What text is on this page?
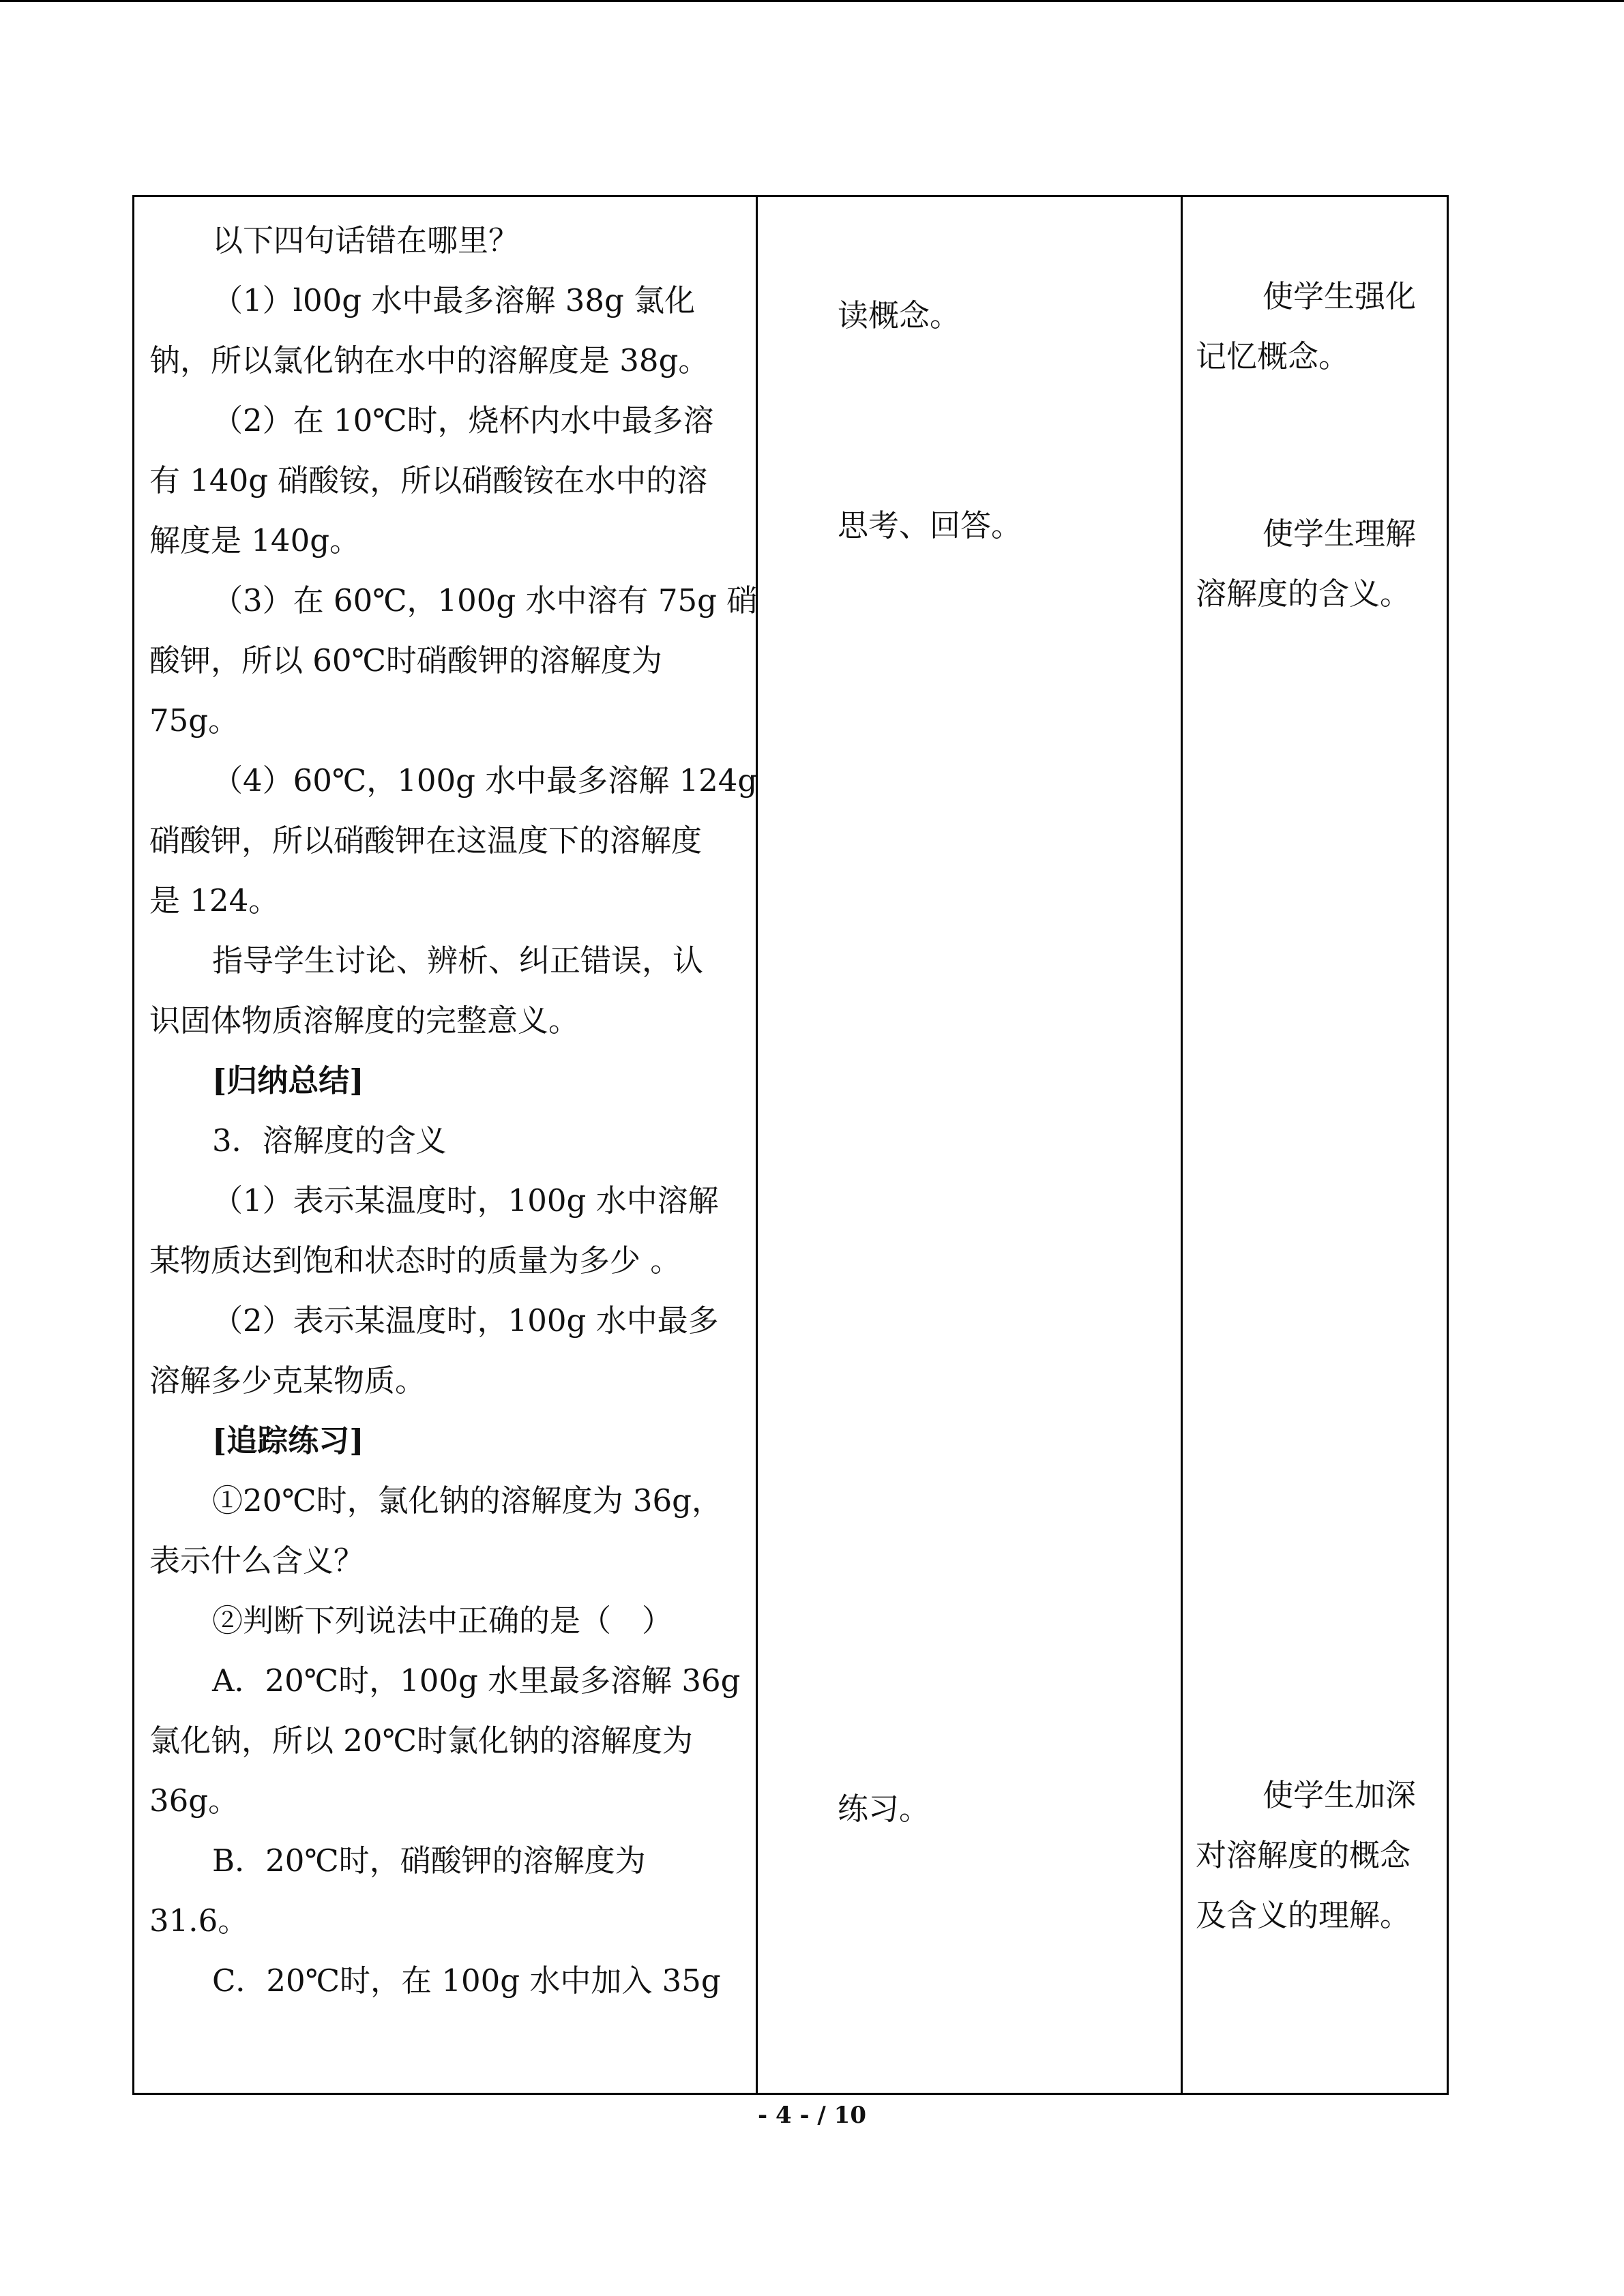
以下四句话错在哪里？
（1）l00g 水中最多溶解 38g 氯化
钠，所以氯化钠在水中的溶解度是 38g。
（2）在 10℃时，烧杯内水中最多溶
有 140g 硝酸铵，所以硝酸铵在水中的溶
解度是 140g。
（3）在 60℃，100g 水中溶有 75g 硝
酸钾，所以 60℃时硝酸钾的溶解度为
75g。
（4）60℃，100g 水中最多溶解 124g
硝酸钾，所以硝酸钾在这温度下的溶解度
是 124。
指导学生讨论、辨析、纠正错误，认
识固体物质溶解度的完整意义。
[归纳总结]
3．溶解度的含义
（1）表示某温度时，100g 水中溶解
某物质达到饱和状态时的质量为多少 。
（2）表示某温度时，100g 水中最多
溶解多少克某物质。
[追踪练习]
①20℃时，氯化钠的溶解度为 36g，
表示什么含义？
②判断下列说法中正确的是（　）
A．20℃时，100g 水里最多溶解 36g
氯化钠，所以 20℃时氯化钠的溶解度为
36g。
B．20℃时，硝酸钾的溶解度为
31.6。
C．20℃时，在 100g 水中加入 35g
读概念。
思考、回答。
练习。
使学生强化
记忆概念。
使学生理解
溶解度的含义。
使学生加深
对溶解度的概念
及含义的理解。
- 4 - / 10
